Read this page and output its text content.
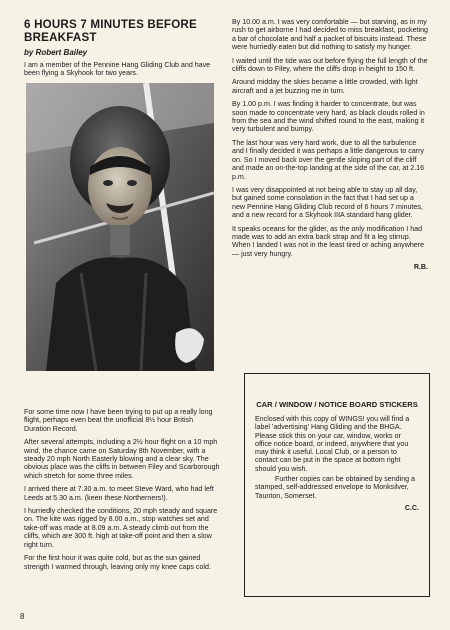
6 HOURS 7 MINUTES BEFORE BREAKFAST
by Robert Bailey

I am a member of the Pennine Hang Gliding Club and have been flying a Skyhook for two years.

For some time now I have been trying to put up a really long flight, perhaps even beat the unofficial 8½ hour British Duration Record.

After several attempts, including a 2½ hour flight on a 10 mph wind, the chance came on Saturday 8th November, with a steady 20 mph North Easterly blowing and a clear sky. The obvious place was the cliffs in between Filey and Scarborough which stretch for some three miles.

I arrived there at 7.30 a.m. to meet Steve Ward, who had left Leeds at 5.30 a.m. (keen these Northerners!).

I hurriedly checked the conditions, 20 mph steady and square on. The kite was rigged by 8.00 a.m., stop watches set and take-off was made at 8.09 a.m. A steady climb out from the cliffs, which are 300 ft. high at take-off point and then a slow right turn.

For the first hour it was quite cold, but as the sun gained strength I warmed through, leaving only my knee caps cold.

By 10.00 a.m. I was very comfortable — but starving, as in my rush to get airborne I had decided to miss breakfast, pocketing a bar of chocolate and half a packet of biscuits instead. These were hurriedly eaten but did nothing to satisfy my hunger.

I waited until the tide was out before flying the full length of the cliffs down to Filey, where the cliffs drop in height to 150 ft.

Around midday the skies became a little crowded, with light aircraft and a jet buzzing me in turn.

By 1.00 p.m. I was finding it harder to concentrate, but was soon made to concentrate very hard, as black clouds rolled in from the sea and the wind shifted round to the east, making it very turbulent and bumpy.

The last hour was very hard work, due to all the turbulence and I finally decided it was perhaps a little dangerous to carry on. So I moved back over the gentle sloping part of the cliff and made an on-the-top landing at the side of the car, at 2.16 p.m.

I was very disappointed at not being able to stay up all day, but gained some consolation in the fact that I had set up a new Pennine Hang Gliding Club record of 6 hours 7 minutes, and a new record for a Skyhook IIIA standard hang glider.

It speaks oceans for the glider, as the only modification I had made was to add an extra back strap and fit a leg stirrup. When I landed I was not in the least tired or aching anywhere — just very hungry.

R.B.
CAR / WINDOW / NOTICE BOARD STICKERS

Enclosed with this copy of WINGS! you will find a label 'advertising' Hang Gliding and the BHGA. Please stick this on your car, window, works or office notice board, or indeed, anywhere that you may think it useful. Local Club, or a person to contact can be put in the space at bottom right should you wish.

Further copies can be obtained by sending a stamped, self-addressed envelope to Monksilver, Taunton, Somerset.

C.C.
8
